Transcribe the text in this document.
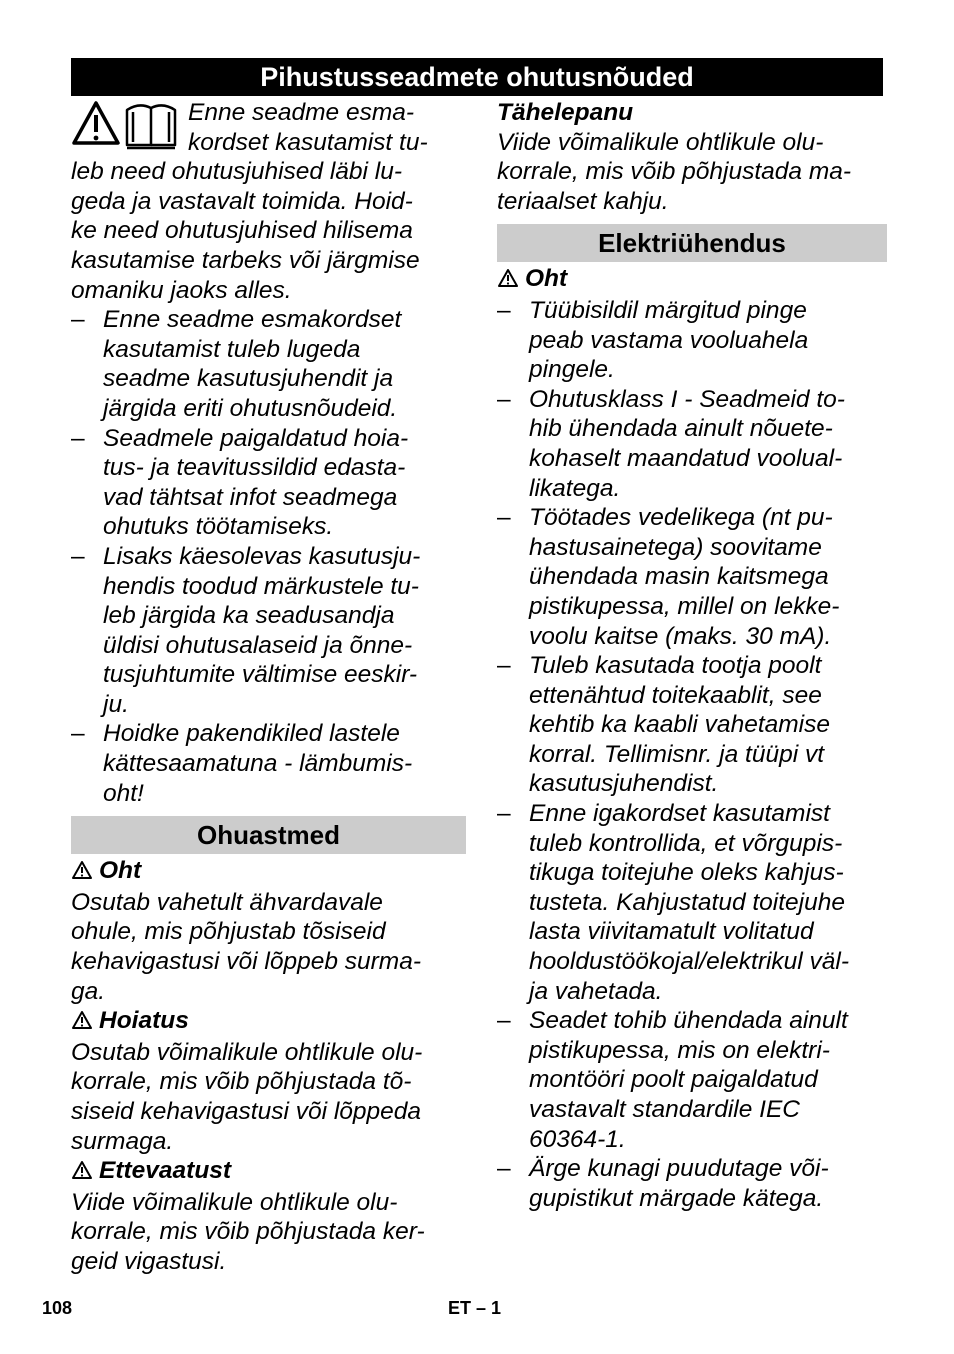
Pihustusseadmete ohutusnõuded

Enne seadme esma-

kordset kasutamist tu-

leb need ohutusjuhised läbi lu-

geda ja vastavalt toimida. Hoid-

ke need ohutusjuhised hilisema

kasutamise tarbeks või järgmise

omaniku jaoks alles.

– Enne seadme esmakordset

kasutamist tuleb lugeda

seadme kasutusjuhendit ja

järgida eriti ohutusnõudeid.

– Seadmele paigaldatud hoia-

tus- ja teavitussildid edasta-

vad tähtsat infot seadmega

ohutuks töötamiseks.

– Lisaks käesolevas kasutusju-

hendis toodud märkustele tu-

leb järgida ka seadusandja

üldisi ohutusalaseid ja õnne-

tusjuhtumite vältimise eeskir-

ju.

– Hoidke pakendikiled lastele

kättesaamatuna - lämbumis-

oht!

Ohuastmed

Oht

Osutab vahetult ähvardavale

ohule, mis põhjustab tõsiseid

kehavigastusi või lõppeb surma-

ga.

Hoiatus

Osutab võimalikule ohtlikule olu-

korrale, mis võib põhjustada tõ-

siseid kehavigastusi või lõppeda

surmaga.

Ettevaatust

Viide võimalikule ohtlikule olu-

korrale, mis võib põhjustada ker-

geid vigastusi.

Tähelepanu

Viide võimalikule ohtlikule olu-

korrale, mis võib põhjustada ma-

teriaalset kahju.

Elektriühendus

Oht

– Tüübisildil märgitud pinge

peab vastama vooluahela

pingele.

– Ohutusklass I - Seadmeid to-

hib ühendada ainult nõuete-

kohaselt maandatud voolual-

likatega.

– Töötades vedelikega (nt pu-

hastusainetega) soovitame

ühendada masin kaitsmega

pistikupessa, millel on lekke-

voolu kaitse (maks. 30 mA).

– Tuleb kasutada tootja poolt

ettenähtud toitekaablit, see

kehtib ka kaabli vahetamise

korral. Tellimisnr. ja tüüpi vt

kasutusjuhendist.

– Enne igakordset kasutamist

tuleb kontrollida, et võrgupis-

tikuga toitejuhe oleks kahjus-

tusteta. Kahjustatud toitejuhe

lasta viivitamatult volitatud

hooldustöökojal/elektrikul väl-

ja vahetada.

– Seadet tohib ühendada ainult

pistikupessa, mis on elektri-

montööri poolt paigaldatud

vastavalt standardile IEC

60364-1.

– Ärge kunagi puudutage või-

gupistikut märgade kätega.

108	ET – 1
